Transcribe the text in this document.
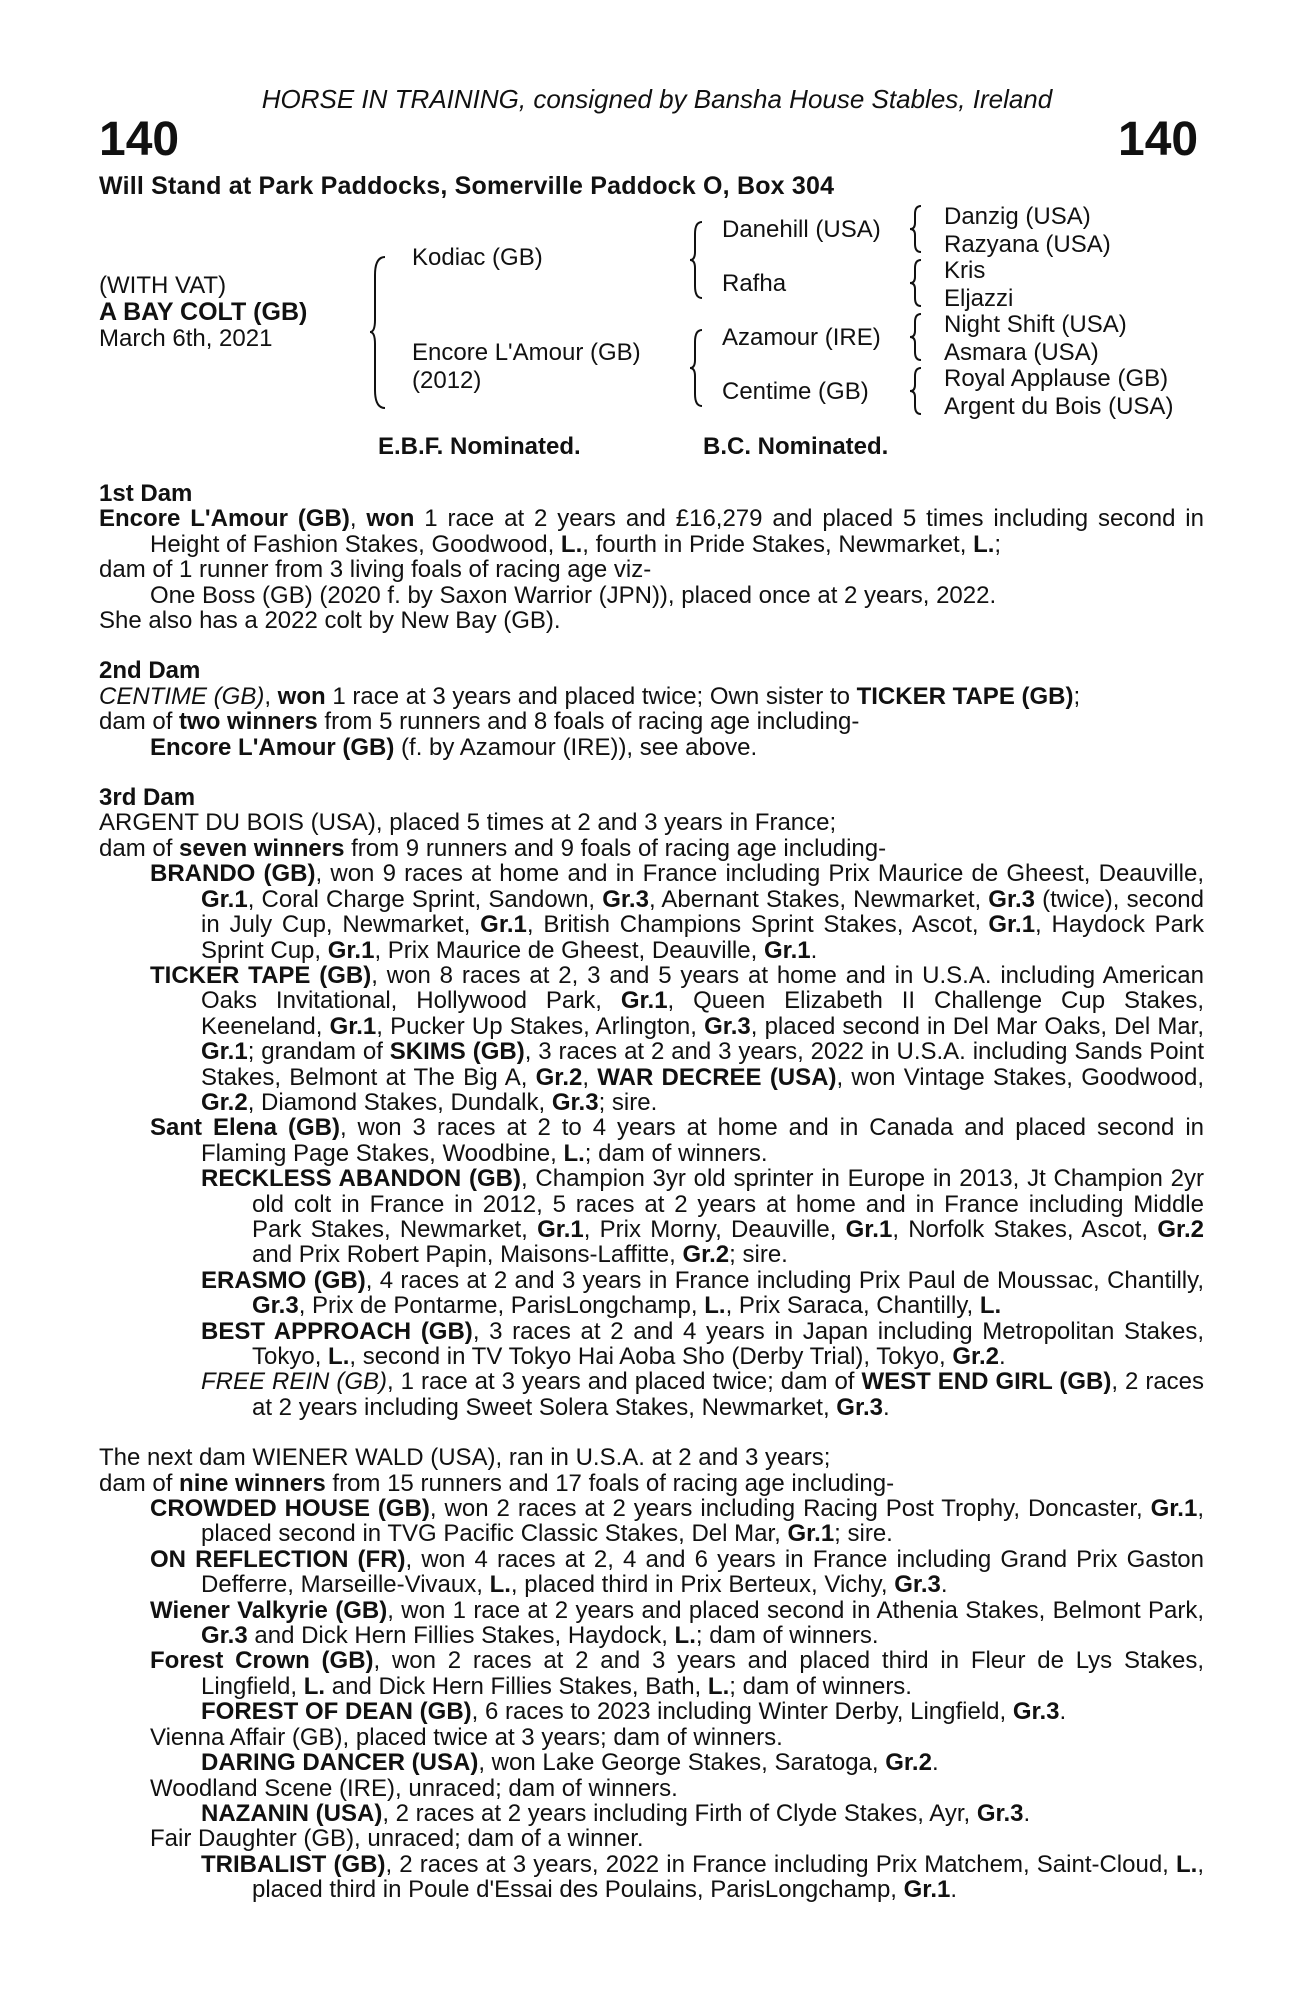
HORSE IN TRAINING, consigned by Bansha House Stables, Ireland
140	140
Will Stand at Park Paddocks, Somerville Paddock O, Box 304
(WITH VAT)
A BAY COLT (GB)
March 6th, 2021
Kodiac (GB)
Encore L'Amour (GB)
(2012)
Danehill (USA)
Rafha
Azamour (IRE)
Centime (GB)
Danzig (USA)
Razyana (USA)
Kris
Eljazzi
Night Shift (USA)
Asmara (USA)
Royal Applause (GB)
Argent du Bois (USA)
E.B.F. Nominated.	B.C. Nominated.

1st Dam

Encore L'Amour (GB), won 1 race at 2 years and £16,279 and placed 5 times including second in Height of Fashion Stakes, Goodwood, L., fourth in Pride Stakes, Newmarket, L.;

dam of 1 runner from 3 living foals of racing age viz-

One Boss (GB) (2020 f. by Saxon Warrior (JPN)), placed once at 2 years, 2022.

She also has a 2022 colt by New Bay (GB).

2nd Dam

CENTIME (GB), won 1 race at 3 years and placed twice; Own sister to TICKER TAPE (GB);

dam of two winners from 5 runners and 8 foals of racing age including-

Encore L'Amour (GB) (f. by Azamour (IRE)), see above.

3rd Dam

ARGENT DU BOIS (USA), placed 5 times at 2 and 3 years in France;

dam of seven winners from 9 runners and 9 foals of racing age including-

BRANDO (GB), won 9 races at home and in France including Prix Maurice de Gheest, Deauville, Gr.1, Coral Charge Sprint, Sandown, Gr.3, Abernant Stakes, Newmarket, Gr.3 (twice), second in July Cup, Newmarket, Gr.1, British Champions Sprint Stakes, Ascot, Gr.1, Haydock Park Sprint Cup, Gr.1, Prix Maurice de Gheest, Deauville, Gr.1.

TICKER TAPE (GB), won 8 races at 2, 3 and 5 years at home and in U.S.A. including American Oaks Invitational, Hollywood Park, Gr.1, Queen Elizabeth II Challenge Cup Stakes, Keeneland, Gr.1, Pucker Up Stakes, Arlington, Gr.3, placed second in Del Mar Oaks, Del Mar, Gr.1; grandam of SKIMS (GB), 3 races at 2 and 3 years, 2022 in U.S.A. including Sands Point Stakes, Belmont at The Big A, Gr.2, WAR DECREE (USA), won Vintage Stakes, Goodwood, Gr.2, Diamond Stakes, Dundalk, Gr.3; sire.

Sant Elena (GB), won 3 races at 2 to 4 years at home and in Canada and placed second in Flaming Page Stakes, Woodbine, L.; dam of winners.

RECKLESS ABANDON (GB), Champion 3yr old sprinter in Europe in 2013, Jt Champion 2yr old colt in France in 2012, 5 races at 2 years at home and in France including Middle Park Stakes, Newmarket, Gr.1, Prix Morny, Deauville, Gr.1, Norfolk Stakes, Ascot, Gr.2 and Prix Robert Papin, Maisons-Laffitte, Gr.2; sire.

ERASMO (GB), 4 races at 2 and 3 years in France including Prix Paul de Moussac, Chantilly, Gr.3, Prix de Pontarme, ParisLongchamp, L., Prix Saraca, Chantilly, L.

BEST APPROACH (GB), 3 races at 2 and 4 years in Japan including Metropolitan Stakes, Tokyo, L., second in TV Tokyo Hai Aoba Sho (Derby Trial), Tokyo, Gr.2.

FREE REIN (GB), 1 race at 3 years and placed twice; dam of WEST END GIRL (GB), 2 races at 2 years including Sweet Solera Stakes, Newmarket, Gr.3.

The next dam WIENER WALD (USA), ran in U.S.A. at 2 and 3 years;

dam of nine winners from 15 runners and 17 foals of racing age including-

CROWDED HOUSE (GB), won 2 races at 2 years including Racing Post Trophy, Doncaster, Gr.1, placed second in TVG Pacific Classic Stakes, Del Mar, Gr.1; sire.

ON REFLECTION (FR), won 4 races at 2, 4 and 6 years in France including Grand Prix Gaston Defferre, Marseille-Vivaux, L., placed third in Prix Berteux, Vichy, Gr.3.

Wiener Valkyrie (GB), won 1 race at 2 years and placed second in Athenia Stakes, Belmont Park, Gr.3 and Dick Hern Fillies Stakes, Haydock, L.; dam of winners.

Forest Crown (GB), won 2 races at 2 and 3 years and placed third in Fleur de Lys Stakes, Lingfield, L. and Dick Hern Fillies Stakes, Bath, L.; dam of winners.

FOREST OF DEAN (GB), 6 races to 2023 including Winter Derby, Lingfield, Gr.3.

Vienna Affair (GB), placed twice at 3 years; dam of winners.

DARING DANCER (USA), won Lake George Stakes, Saratoga, Gr.2.

Woodland Scene (IRE), unraced; dam of winners.

NAZANIN (USA), 2 races at 2 years including Firth of Clyde Stakes, Ayr, Gr.3.

Fair Daughter (GB), unraced; dam of a winner.

TRIBALIST (GB), 2 races at 3 years, 2022 in France including Prix Matchem, Saint-Cloud, L., placed third in Poule d'Essai des Poulains, ParisLongchamp, Gr.1.
